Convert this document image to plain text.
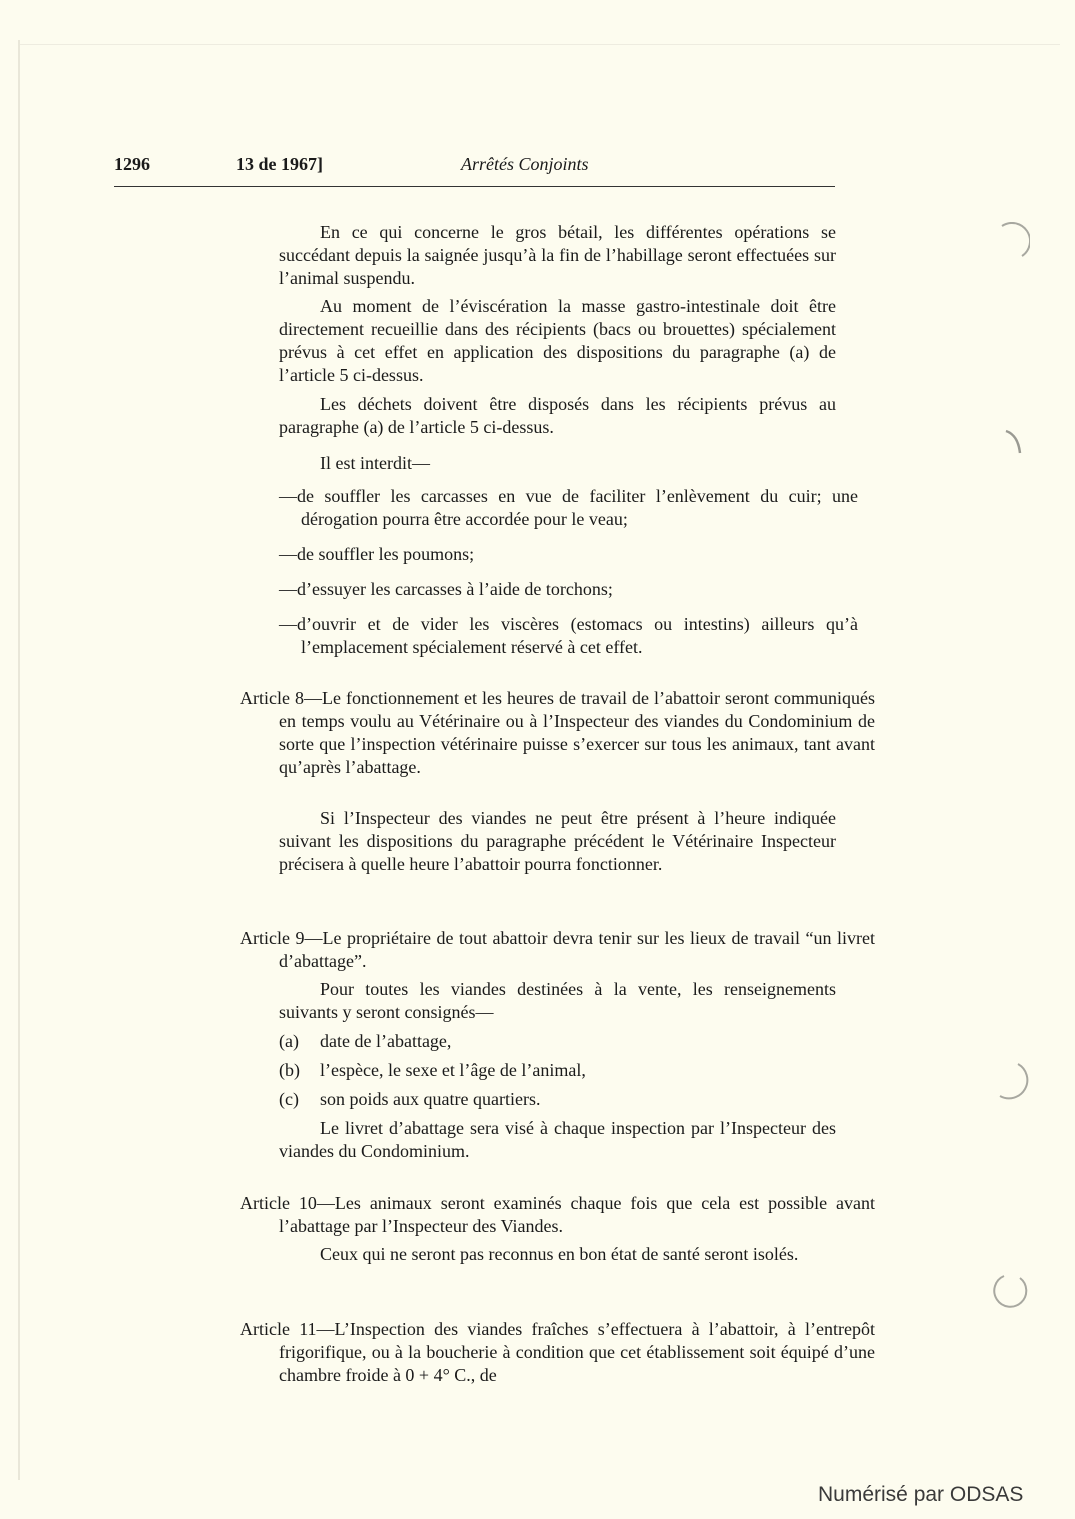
1296	13 de 1967]	Arrêtés Conjoints

En ce qui concerne le gros bétail, les différentes opérations se succédant depuis la saignée jusqu’à la fin de l’habillage seront effectuées sur l’animal suspendu.

Au moment de l’éviscération la masse gastro-intestinale doit être directement recueillie dans des récipients (bacs ou brouettes) spécialement prévus à cet effet en application des dispositions du paragraphe (a) de l’article 5 ci-dessus.

Les déchets doivent être disposés dans les récipients prévus au paragraphe (a) de l’article 5 ci-dessus.

Il est interdit—

—de souffler les carcasses en vue de faciliter l’enlèvement du cuir; une dérogation pourra être accordée pour le veau;

—de souffler les poumons;

—d’essuyer les carcasses à l’aide de torchons;

—d’ouvrir et de vider les viscères (estomacs ou intestins) ailleurs qu’à l’emplacement spécialement réservé à cet effet.

Article 8—Le fonctionnement et les heures de travail de l’abattoir seront communiqués en temps voulu au Vétérinaire ou à l’Inspecteur des viandes du Condominium de sorte que l’inspection vétérinaire puisse s’exercer sur tous les animaux, tant avant qu’après l’abattage.

Si l’Inspecteur des viandes ne peut être présent à l’heure indiquée suivant les dispositions du paragraphe précédent le Vétérinaire Inspecteur précisera à quelle heure l’abattoir pourra fonctionner.

Article 9—Le propriétaire de tout abattoir devra tenir sur les lieux de travail “un livret d’abattage”.

Pour toutes les viandes destinées à la vente, les renseignements suivants y seront consignés—

(a) date de l’abattage,

(b) l’espèce, le sexe et l’âge de l’animal,

(c) son poids aux quatre quartiers.

Le livret d’abattage sera visé à chaque inspection par l’Inspecteur des viandes du Condominium.

Article 10—Les animaux seront examinés chaque fois que cela est possible avant l’abattage par l’Inspecteur des Viandes.

Ceux qui ne seront pas reconnus en bon état de santé seront isolés.

Article 11—L’Inspection des viandes fraîches s’effectuera à l’abattoir, à l’entrepôt frigorifique, ou à la boucherie à condition que cet établissement soit équipé d’une chambre froide à 0 + 4° C., de

Numérisé par ODSAS
